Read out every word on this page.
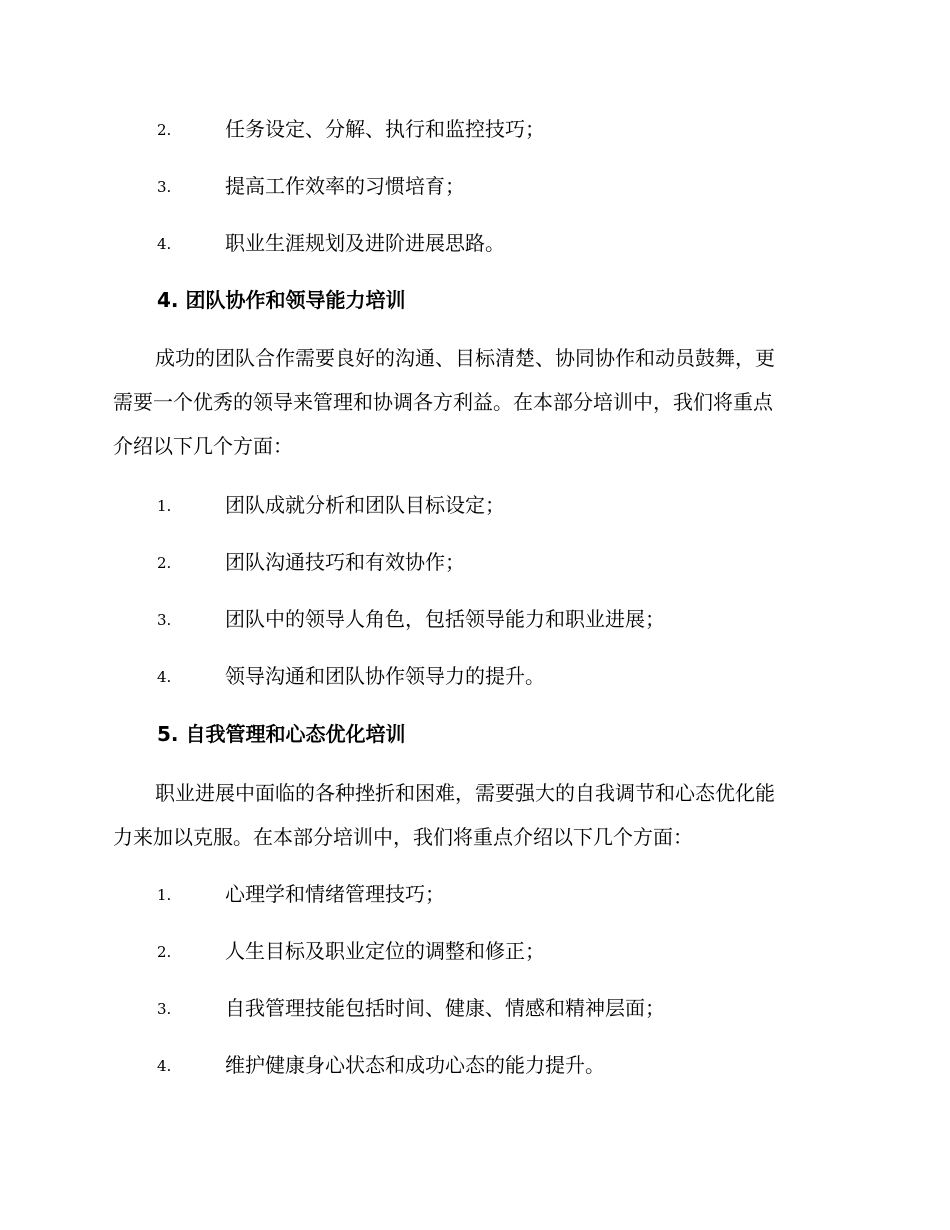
2.	任务设定、分解、执行和监控技巧；
3.	提高工作效率的习惯培育；
4.	职业生涯规划及进阶进展思路。
4. 团队协作和领导能力培训
成功的团队合作需要良好的沟通、目标清楚、协同协作和动员鼓舞，更
需要一个优秀的领导来管理和协调各方利益。在本部分培训中，我们将重点
介绍以下几个方面：
1.	团队成就分析和团队目标设定；
2.	团队沟通技巧和有效协作；
3.	团队中的领导人角色，包括领导能力和职业进展；
4.	领导沟通和团队协作领导力的提升。
5. 自我管理和心态优化培训
职业进展中面临的各种挫折和困难，需要强大的自我调节和心态优化能
力来加以克服。在本部分培训中，我们将重点介绍以下几个方面：
1.	心理学和情绪管理技巧；
2.	人生目标及职业定位的调整和修正；
3.	自我管理技能包括时间、健康、情感和精神层面；
4.	维护健康身心状态和成功心态的能力提升。
